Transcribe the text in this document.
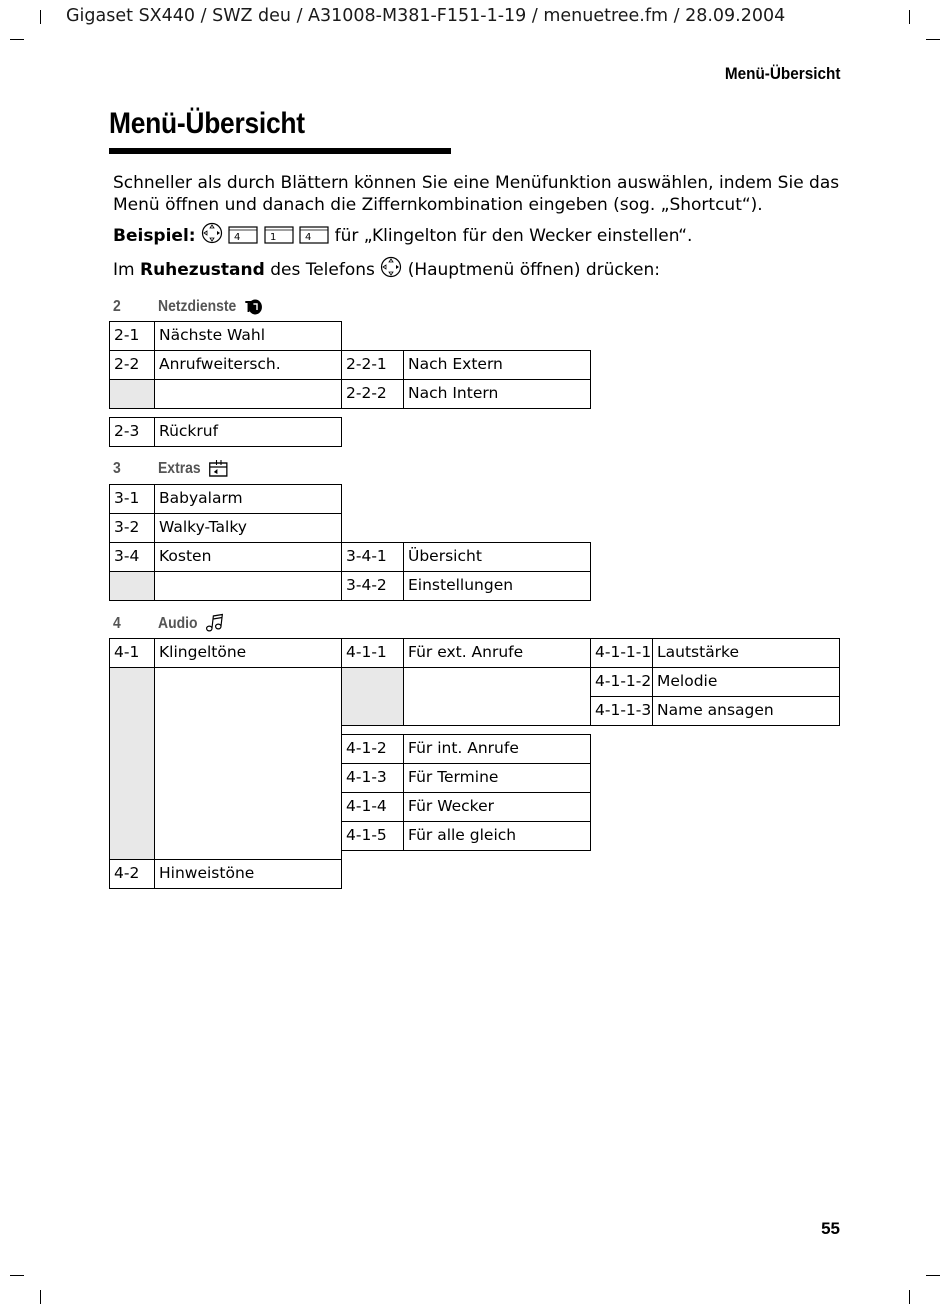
Gigaset SX440 / SWZ deu / A31008-M381-F151-1-19 / menuetree.fm / 28.09.2004
Menü-Übersicht
Menü-Übersicht
Schneller als durch Blättern können Sie eine Menüfunktion auswählen, indem Sie das
Menü öffnen und danach die Ziffernkombination eingeben (sog. „Shortcut“).
Beispiel:	4
	1
	4 für „Klingelton für den Wecker einstellen“.
Im Ruhezustand des Telefons (Hauptmenü öffnen) drücken:
2 Netzdienste
2-1	Nächste Wahl
2-2	Anrufweitersch.	2-2-1	Nach Extern
2-2-2	Nach Intern
2-3	Rückruf
3 Extras
3-1	Babyalarm
3-2	Walky-Talky
3-4	Kosten	3-4-1	Übersicht
3-4-2	Einstellungen
4 Audio
4-1	Klingeltöne	4-1-1	Für ext. Anrufe	4-1-1-1 Lautstärke
4-1-1-2 Melodie
4-1-1-3 Name ansagen
4-1-2	Für int. Anrufe
4-1-3	Für Termine
4-1-4	Für Wecker
4-1-5	Für alle gleich
4-2	Hinweistöne
55
